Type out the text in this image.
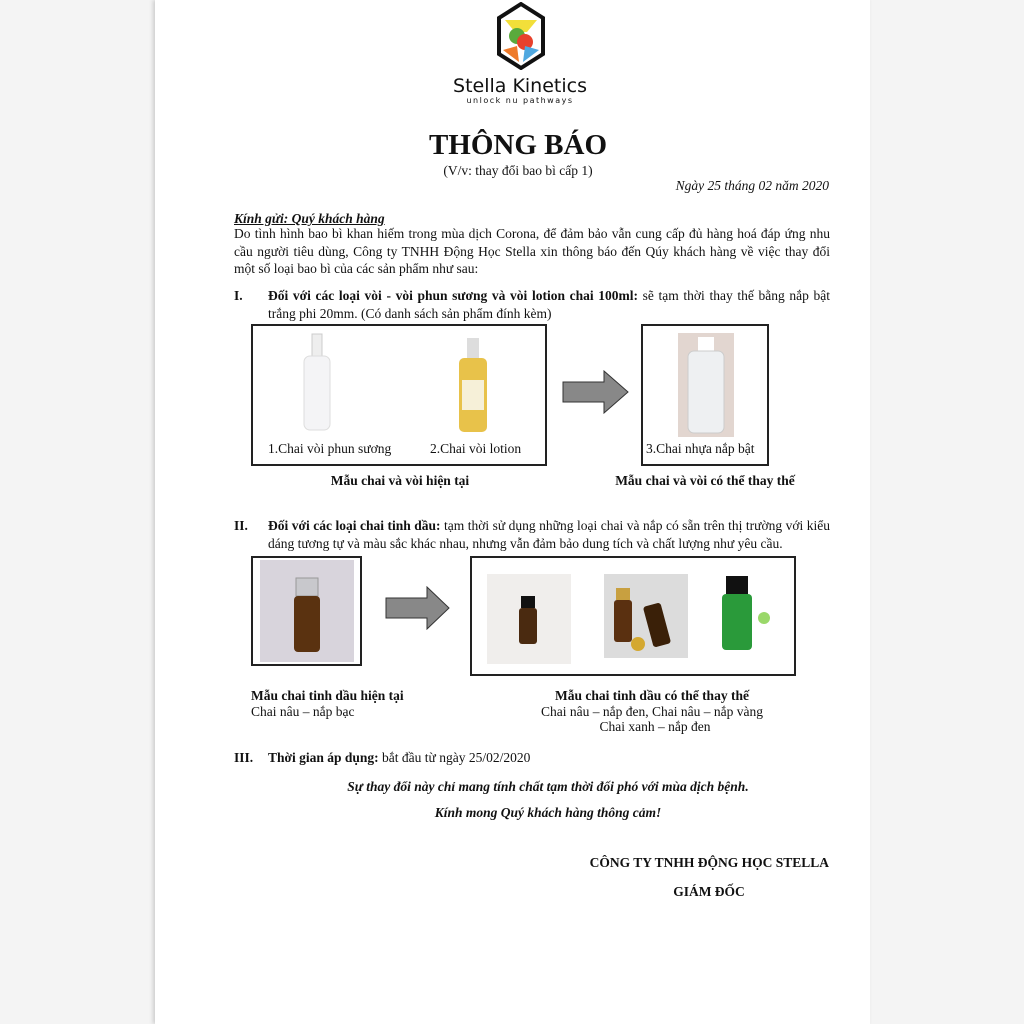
Stella Kinetics
unlock nu pathways
THÔNG BÁO
(V/v: thay đổi bao bì cấp 1)
Ngày 25 tháng 02 năm 2020
Kính gửi: Quý khách hàng
Do tình hình bao bì khan hiếm trong mùa dịch Corona, để đảm bảo vẫn cung cấp đủ hàng hoá đáp ứng nhu cầu người tiêu dùng, Công ty TNHH Động Học Stella xin thông báo đến Qúy khách hàng về việc thay đổi một số loại bao bì của các sản phẩm như sau:
I. Đối với các loại vòi - vòi phun sương và vòi lotion chai 100ml: sẽ tạm thời thay thế bằng nắp bật trắng phi 20mm. (Có danh sách sản phẩm đính kèm)
1.Chai vòi phun sương	2.Chai vòi lotion	3.Chai nhựa nắp bật
Mẫu chai và vòi hiện tại	Mẫu chai và vòi có thể thay thế
II. Đối với các loại chai tinh dầu: tạm thời sử dụng những loại chai và nắp có sẵn trên thị trường với kiểu dáng tương tự và màu sắc khác nhau, nhưng vẫn đảm bảo dung tích và chất lượng như yêu cầu.
Mẫu chai tinh dầu hiện tại
Chai nâu – nắp bạc
Mẫu chai tinh dầu có thể thay thế
Chai nâu – nắp đen, Chai nâu – nắp vàng
Chai xanh – nắp đen
III. Thời gian áp dụng: bắt đầu từ ngày 25/02/2020
Sự thay đổi này chỉ mang tính chất tạm thời đối phó với mùa dịch bệnh.
Kính mong Quý khách hàng thông cảm!
CÔNG TY TNHH ĐỘNG HỌC STELLA
GIÁM ĐỐC
